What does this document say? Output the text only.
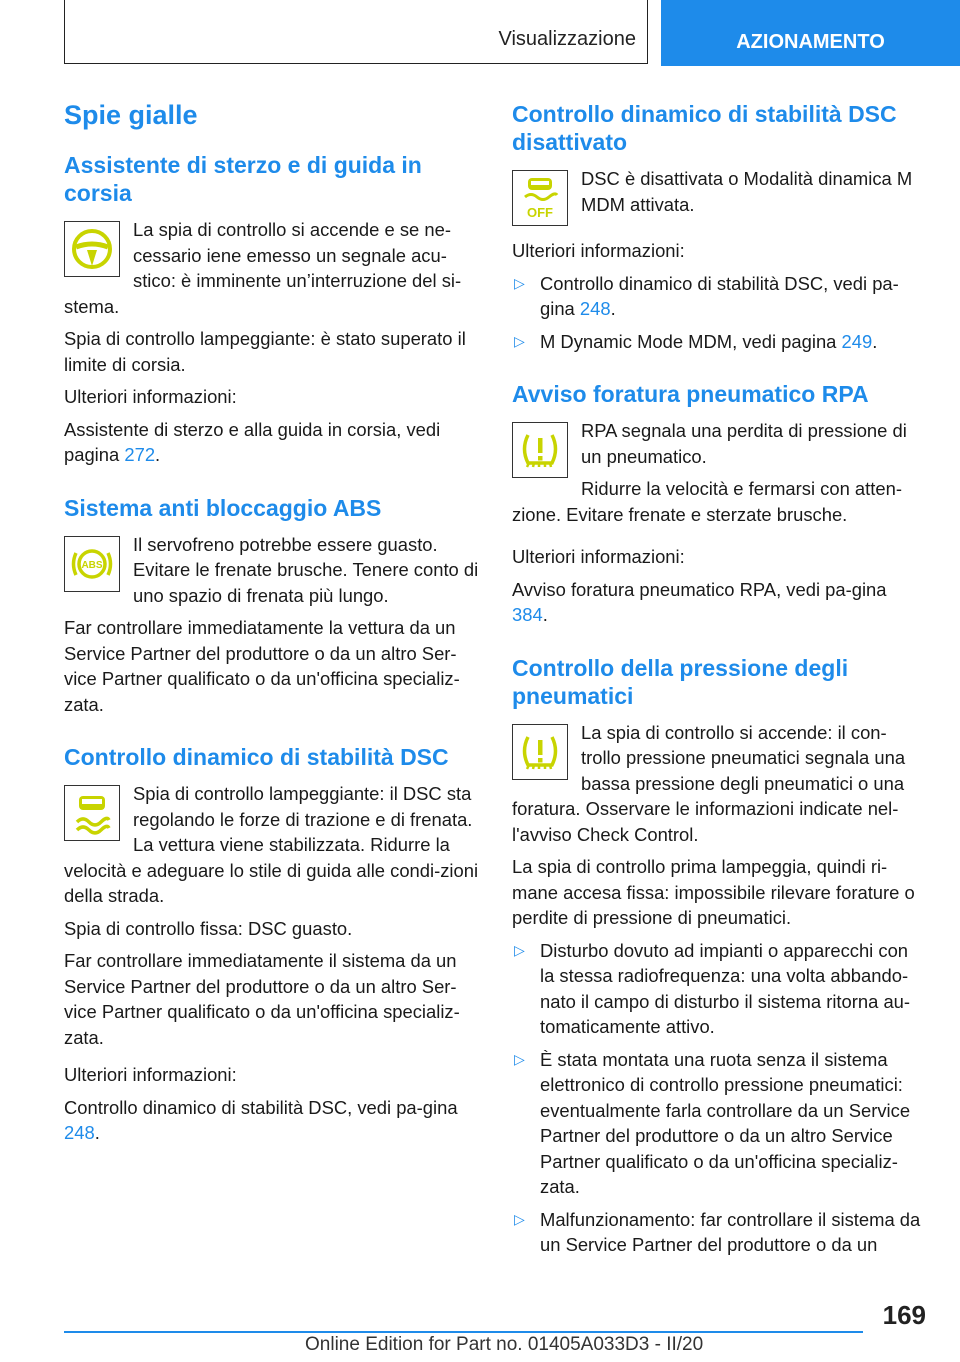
Visualizzazione	AZIONAMENTO
Spie gialle
Assistente di sterzo e di guida in corsia

La spia di controllo si accende e se ne-cessario iene emesso un segnale acu-stico: è imminente un’interruzione del si-stema.

Spia di controllo lampeggiante: è stato superato il limite di corsia.

Ulteriori informazioni:

Assistente di sterzo e alla guida in corsia, vedi pagina 272.

Sistema anti bloccaggio ABS
ABS

Il servofreno potrebbe essere guasto. Evitare le frenate brusche. Tenere conto di uno spazio di frenata più lungo.

Far controllare immediatamente la vettura da un Service Partner del produttore o da un altro Ser-vice Partner qualificato o da un'officina specializ-zata.

Controllo dinamico di stabilità DSC

Spia di controllo lampeggiante: il DSC sta regolando le forze di trazione e di frenata. La vettura viene stabilizzata. Ridurre la velocità e adeguare lo stile di guida alle condi-zioni della strada.

Spia di controllo fissa: DSC guasto.

Far controllare immediatamente il sistema da un Service Partner del produttore o da un altro Ser-vice Partner qualificato o da un'officina specializ-zata.

Ulteriori informazioni:

Controllo dinamico di stabilità DSC, vedi pa-gina 248.

Controllo dinamico di stabilità DSC disattivato
OFF

DSC è disattivata o Modalità dinamica M MDM attivata.

Ulteriori informazioni:

▷ Controllo dinamico di stabilità DSC, vedi pa-gina 248.
▷ M Dynamic Mode MDM, vedi pagina 249.
Avviso foratura pneumatico RPA

RPA segnala una perdita di pressione di un pneumatico.

Ridurre la velocità e fermarsi con atten-zione. Evitare frenate e sterzate brusche.

Ulteriori informazioni:

Avviso foratura pneumatico RPA, vedi pa-gina 384.

Controllo della pressione degli pneumatici

La spia di controllo si accende: il con-trollo pressione pneumatici segnala una bassa pressione degli pneumatici o una foratura. Osservare le informazioni indicate nel-l'avviso Check Control.

La spia di controllo prima lampeggia, quindi ri-mane accesa fissa: impossibile rilevare forature o perdite di pressione di pneumatici.

▷ Disturbo dovuto ad impianti o apparecchi con la stessa radiofrequenza: una volta abbando-nato il campo di disturbo il sistema ritorna au-tomaticamente attivo.
▷ È stata montata una ruota senza il sistema elettronico di controllo pressione pneumatici: eventualmente farla controllare da un Service Partner del produttore o da un altro Service Partner qualificato o da un'officina specializ-zata.
▷ Malfunzionamento: far controllare il sistema da un Service Partner del produttore o da un
169
Online Edition for Part no. 01405A033D3 - II/20
